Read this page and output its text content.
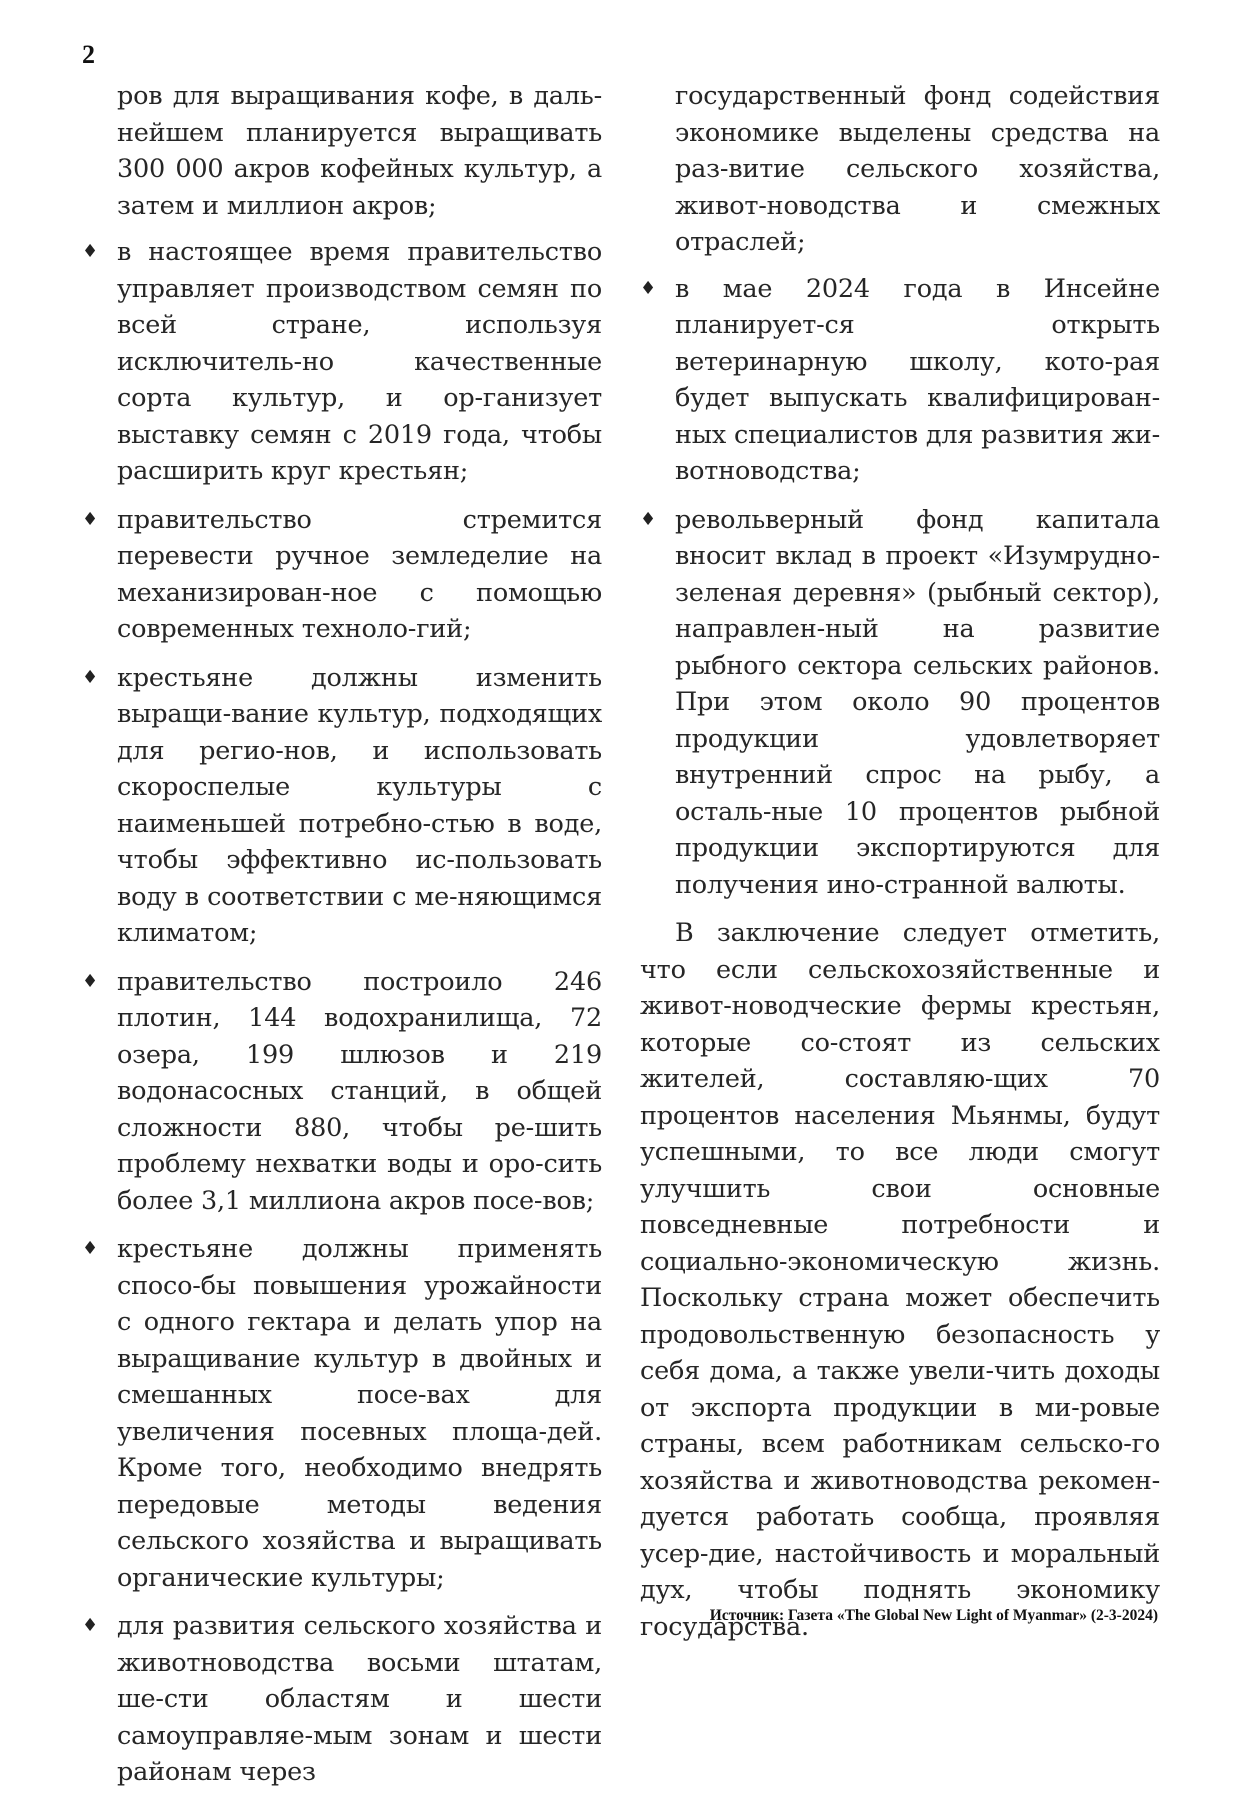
2

ров для выращивания кофе, в даль-нейшем планируется выращивать 300 000 акров кофейных культур, а затем и миллион акров;

♦ в настоящее время правительство управляет производством семян по всей стране, используя исключитель-но качественные сорта культур, и ор-ганизует выставку семян с 2019 года, чтобы расширить круг крестьян;
♦ правительство стремится перевести ручное земледелие на механизирован-ное с помощью современных техноло-гий;
♦ крестьяне должны изменить выращи-вание культур, подходящих для регио-нов, и использовать скороспелые культуры с наименьшей потребно-стью в воде, чтобы эффективно ис-пользовать воду в соответствии с ме-няющимся климатом;
♦ правительство построило 246 плотин, 144 водохранилища, 72 озера, 199 шлюзов и 219 водонасосных станций, в общей сложности 880, чтобы ре-шить проблему нехватки воды и оро-сить более 3,1 миллиона акров посе-вов;
♦ крестьяне должны применять спосо-бы повышения урожайности с одного гектара и делать упор на выращивание культур в двойных и смешанных посе-вах для увеличения посевных площа-дей. Кроме того, необходимо внедрять передовые методы ведения сельского хозяйства и выращивать органические культуры;
♦ для развития сельского хозяйства и животноводства восьми штатам, ше-сти областям и шести самоуправляе-мым зонам и шести районам через

государственный фонд содействия экономике выделены средства на раз-витие сельского хозяйства, живот-новодства и смежных отраслей;

♦ в мае 2024 года в Инсейне планирует-ся открыть ветеринарную школу, кото-рая будет выпускать квалифицирован-ных специалистов для развития жи-вотноводства;
♦ револьверный фонд капитала вносит вклад в проект «Изумрудно-зеленая деревня» (рыбный сектор), направлен-ный на развитие рыбного сектора сельских районов. При этом около 90 процентов продукции удовлетворяет внутренний спрос на рыбу, а осталь-ные 10 процентов рыбной продукции экспортируются для получения ино-странной валюты.

В заключение следует отметить, что если сельскохозяйственные и живот-новодческие фермы крестьян, которые со-стоят из сельских жителей, составляю-щих 70 процентов населения Мьянмы, будут успешными, то все люди смогут улучшить свои основные повседневные потребности и социально-экономическую жизнь. Поскольку страна может обеспечить продовольственную безопасность у себя дома, а также увели-чить доходы от экспорта продукции в ми-ровые страны, всем работникам сельско-го хозяйства и животноводства рекомен-дуется работать сообща, проявляя усер-дие, настойчивость и моральный дух, чтобы поднять экономику государства.

Источник: Газета «The Global New Light of Myanmar» (2-3-2024)
